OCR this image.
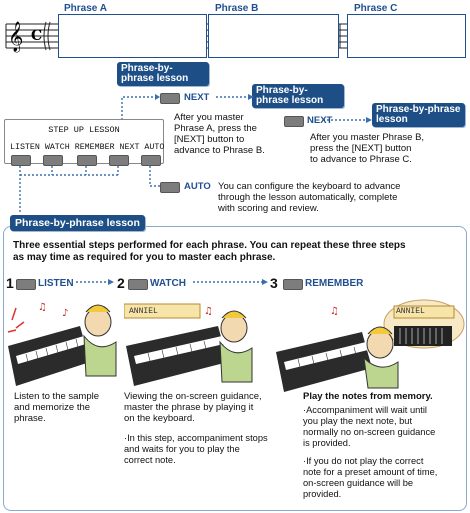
𝄞 C
Phrase A	Phrase B	Phrase C
Phrase-by-phrase lesson
Phrase-by-phrase lesson
Phrase-by-phrase lesson
NEXT
After you master
Phrase A, press the
[NEXT] button to
advance to Phrase B.
NEXT
After you master Phrase B,
press the [NEXT] button
to advance to Phrase C.
AUTO You can configure the keyboard to advance
through the lesson automatically, complete
with scoring and review.
STEP UP LESSON
LISTEN WATCH REMEMBER NEXT AUTO
Phrase-by-phrase lesson
Three essential steps performed for each phrase. You can repeat these three steps
as may time as required for you to master each phrase.
1 LISTEN	2	WATCH	3	REMEMBER
♫
♪	♫
ANNIEL	♫	ANNIEL
Listen to the sample
and memorize the
phrase.
Viewing the on-screen guidance,
master the phrase by playing it
on the keyboard.
·In this step, accompaniment stops
and waits for you to play the
correct note.
Play the notes from memory.
·Accompaniment will wait until
you play the next note, but
normally no on-screen guidance
is provided.
·If you do not play the correct
note for a preset amount of time,
on-screen guidance will be
provided.
